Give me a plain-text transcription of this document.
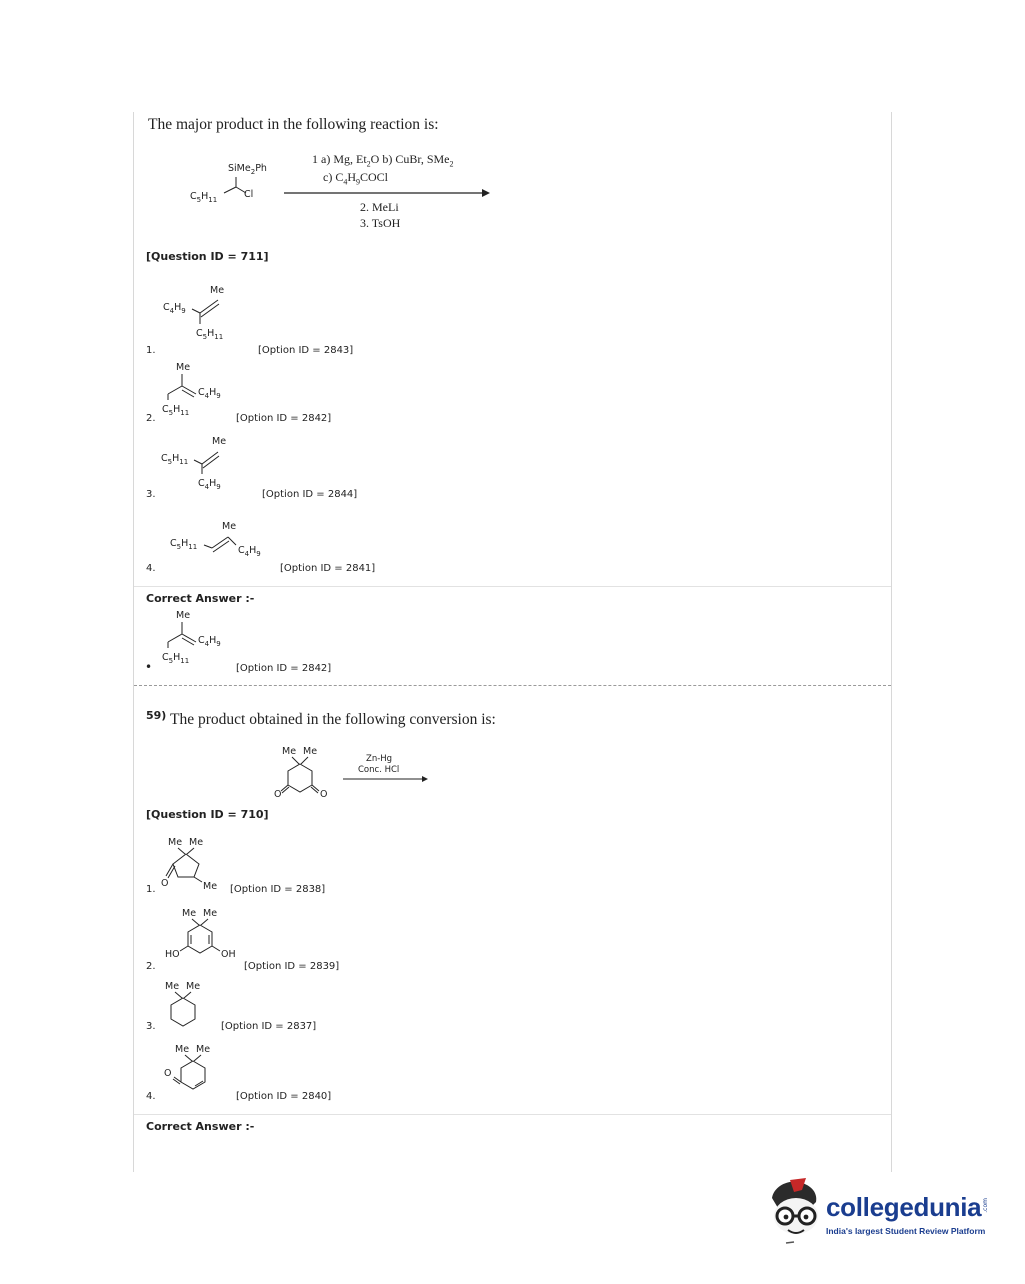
The major product in the following reaction is:
SiMe$_2$Ph
$C_5H_{11}$	Cl
1 a) Mg, $Et_2O$ b) CuBr, SMe$_2$
c) $C_4H_9COCl$
2. MeLi
3. TsOH
[Question ID = 711]
Me
$C_4H_9$
$C_5H_{11}$
1.	[Option ID = 2843]
Me
$C_4H_9$
$C_5H_{11}$
2.	[Option ID = 2842]
Me
$C_5H_{11}$
$C_4H_9$
3.	[Option ID = 2844]
Me
$C_5H_{11}$	$C_4H_9$
4.	[Option ID = 2841]
Correct Answer :-
Me
$C_4H_9$
$C_5H_{11}$
•	[Option ID = 2842]
59) The product obtained in the following conversion is:
Me Me
O	O
Zn-Hg
Conc. HCl
[Question ID = 710]
Me Me
O	Me
1.	[Option ID = 2838]
Me Me
HO	OH
2.	[Option ID = 2839]
Me Me
3.	[Option ID = 2837]
Me Me
O
4.	[Option ID = 2840]
Correct Answer :-
collegedunia .com
India's largest Student Review Platform
